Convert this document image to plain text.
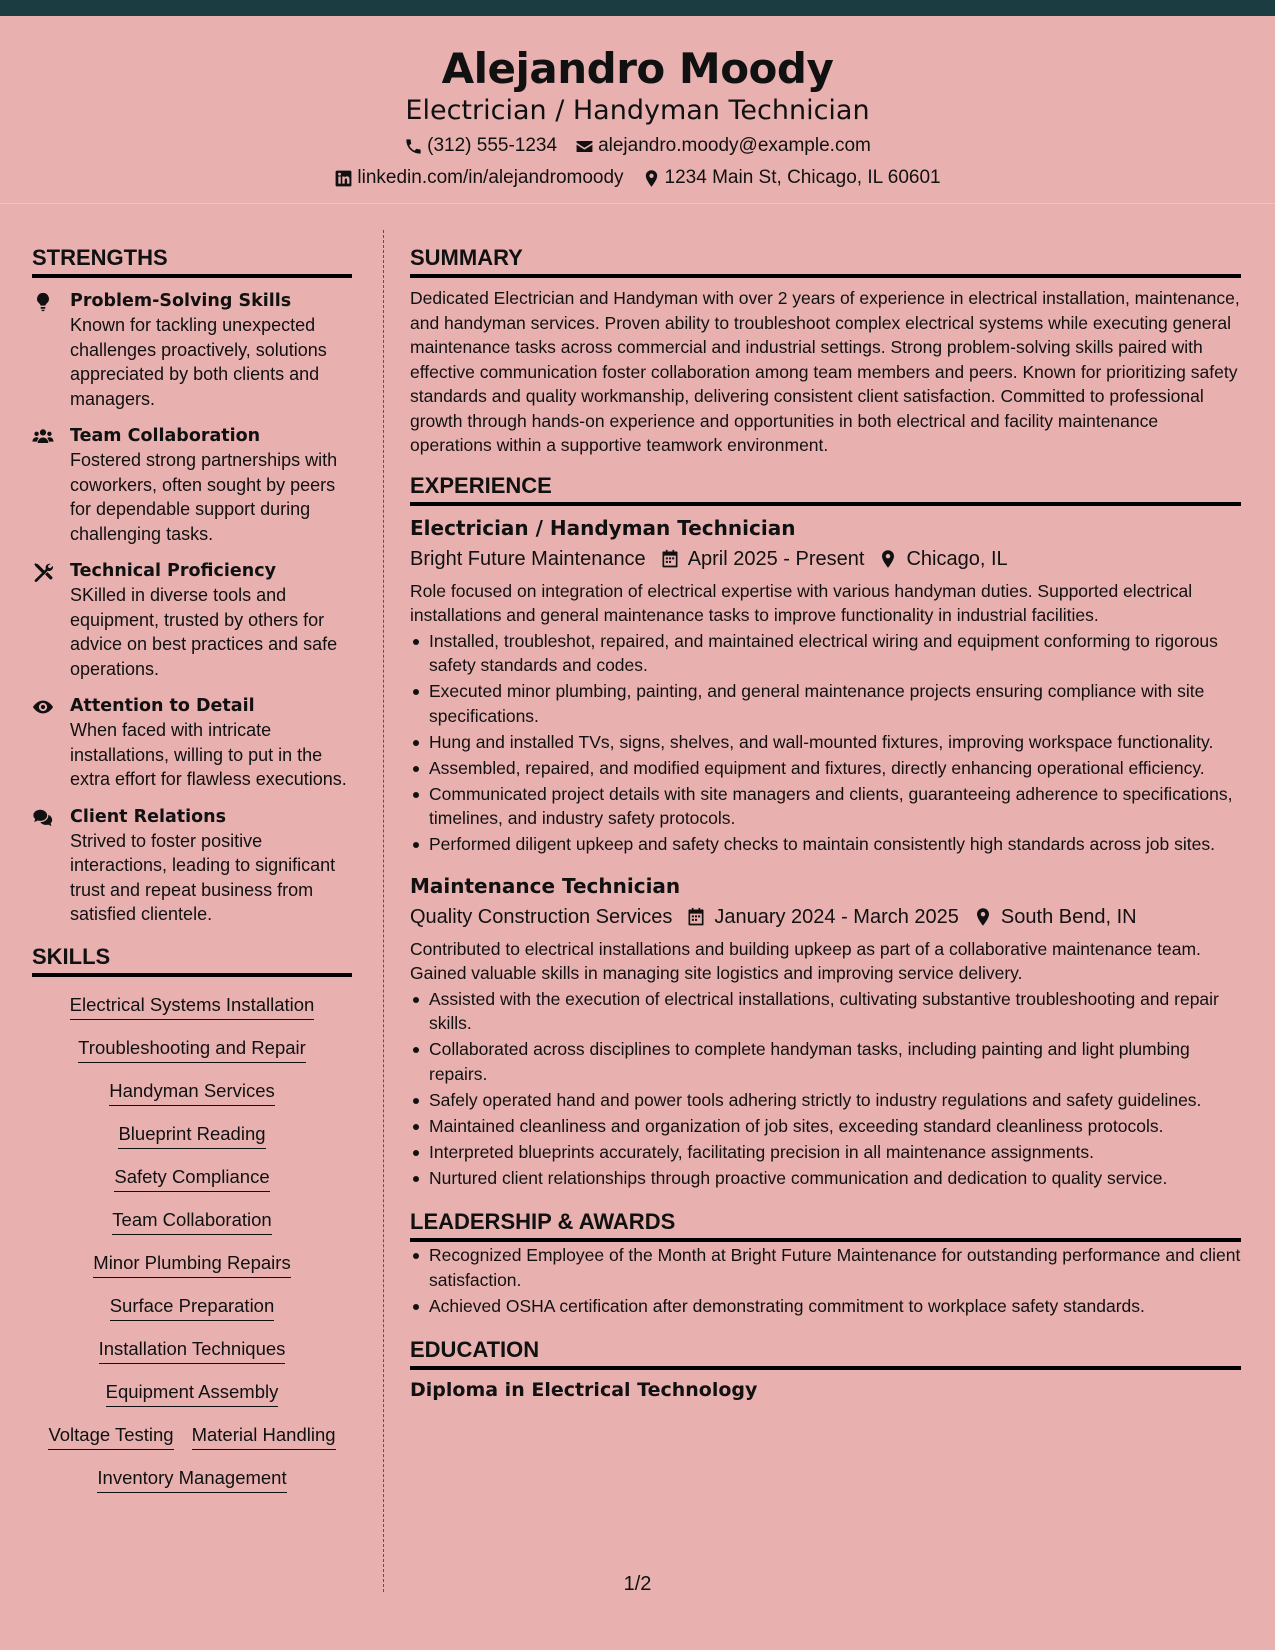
Alejandro Moody
Electrician / Handyman Technician
(312) 555-1234 alejandro.moody@example.com
linkedin.com/in/alejandromoody 1234 Main St, Chicago, IL 60601
STRENGTHS
Problem-Solving Skills
Known for tackling unexpected challenges proactively, solutions appreciated by both clients and managers.
Team Collaboration
Fostered strong partnerships with coworkers, often sought by peers for dependable support during challenging tasks.
Technical Proficiency
SKilled in diverse tools and equipment, trusted by others for advice on best practices and safe operations.
Attention to Detail
When faced with intricate installations, willing to put in the extra effort for flawless executions.
Client Relations
Strived to foster positive interactions, leading to significant trust and repeat business from satisfied clientele.
SKILLS
Electrical Systems Installation
Troubleshooting and Repair
Handyman Services
Blueprint Reading
Safety Compliance
Team Collaboration
Minor Plumbing Repairs
Surface Preparation
Installation Techniques
Equipment Assembly
Voltage Testing Material Handling
Inventory Management
SUMMARY
Dedicated Electrician and Handyman with over 2 years of experience in electrical installation, maintenance, and handyman services. Proven ability to troubleshoot complex electrical systems while executing general maintenance tasks across commercial and industrial settings. Strong problem-solving skills paired with effective communication foster collaboration among team members and peers. Known for prioritizing safety standards and quality workmanship, delivering consistent client satisfaction. Committed to professional growth through hands-on experience and opportunities in both electrical and facility maintenance operations within a supportive teamwork environment.
EXPERIENCE
Electrician / Handyman Technician
Bright Future Maintenance April 2025 - Present Chicago, IL
Role focused on integration of electrical expertise with various handyman duties. Supported electrical installations and general maintenance tasks to improve functionality in industrial facilities.
Installed, troubleshot, repaired, and maintained electrical wiring and equipment conforming to rigorous safety standards and codes.
Executed minor plumbing, painting, and general maintenance projects ensuring compliance with site specifications.
Hung and installed TVs, signs, shelves, and wall-mounted fixtures, improving workspace functionality.
Assembled, repaired, and modified equipment and fixtures, directly enhancing operational efficiency.
Communicated project details with site managers and clients, guaranteeing adherence to specifications, timelines, and industry safety protocols.
Performed diligent upkeep and safety checks to maintain consistently high standards across job sites.
Maintenance Technician
Quality Construction Services January 2024 - March 2025 South Bend, IN
Contributed to electrical installations and building upkeep as part of a collaborative maintenance team. Gained valuable skills in managing site logistics and improving service delivery.
Assisted with the execution of electrical installations, cultivating substantive troubleshooting and repair skills.
Collaborated across disciplines to complete handyman tasks, including painting and light plumbing repairs.
Safely operated hand and power tools adhering strictly to industry regulations and safety guidelines.
Maintained cleanliness and organization of job sites, exceeding standard cleanliness protocols.
Interpreted blueprints accurately, facilitating precision in all maintenance assignments.
Nurtured client relationships through proactive communication and dedication to quality service.
LEADERSHIP & AWARDS
Recognized Employee of the Month at Bright Future Maintenance for outstanding performance and client satisfaction.
Achieved OSHA certification after demonstrating commitment to workplace safety standards.
EDUCATION
Diploma in Electrical Technology
1/2
